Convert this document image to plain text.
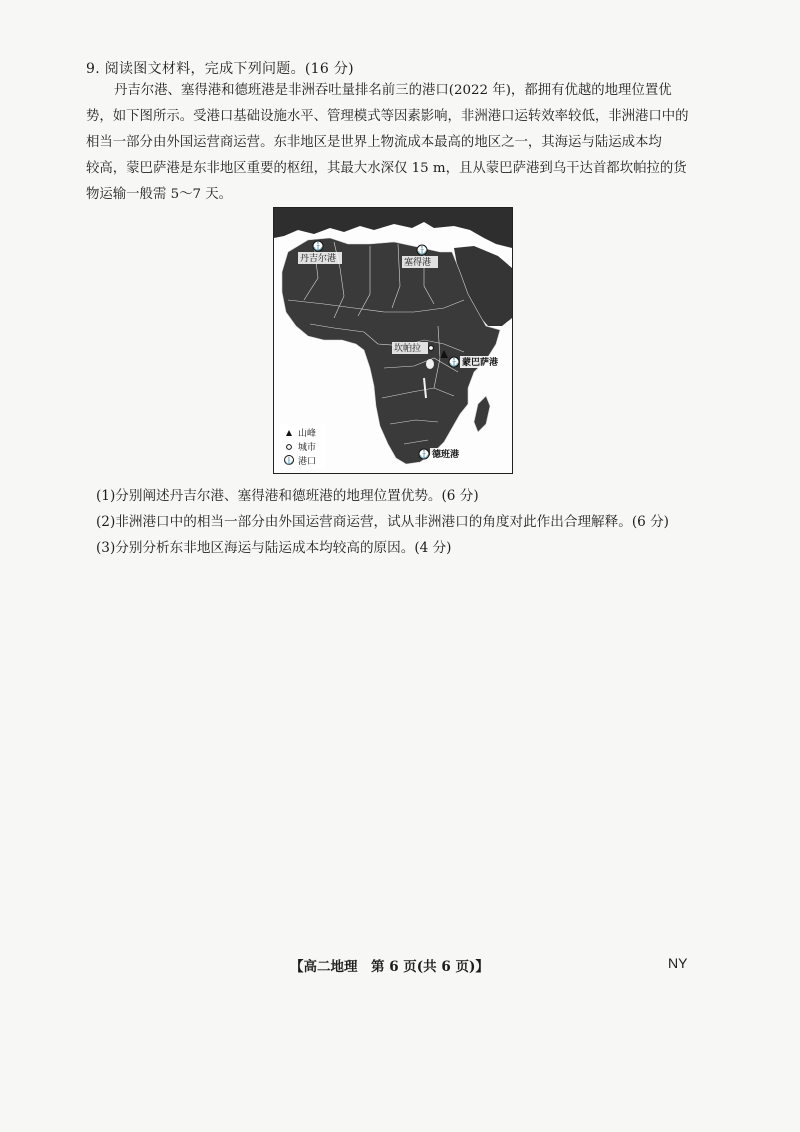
9. 阅读图文材料，完成下列问题。(16 分)
丹吉尔港、塞得港和德班港是非洲吞吐量排名前三的港口(2022 年)，都拥有优越的地理位置优
势，如下图所示。受港口基础设施水平、管理模式等因素影响，非洲港口运转效率较低，非洲港口中的
相当一部分由外国运营商运营。东非地区是世界上物流成本最高的地区之一，其海运与陆运成本均
较高，蒙巴萨港是东非地区重要的枢纽，其最大水深仅 15 m，且从蒙巴萨港到乌干达首都坎帕拉的货
物运输一般需 5～7 天。
⚓
丹吉尔港
⚓
塞得港
坎帕拉
⚓ 蒙巴萨港
⚓ 德班港
山峰
城市
⚓ 港口
(1)分别阐述丹吉尔港、塞得港和德班港的地理位置优势。(6 分)
(2)非洲港口中的相当一部分由外国运营商运营，试从非洲港口的角度对此作出合理解释。(6 分)
(3)分别分析东非地区海运与陆运成本均较高的原因。(4 分)
【高二地理　第 6 页(共 6 页)】	NY
